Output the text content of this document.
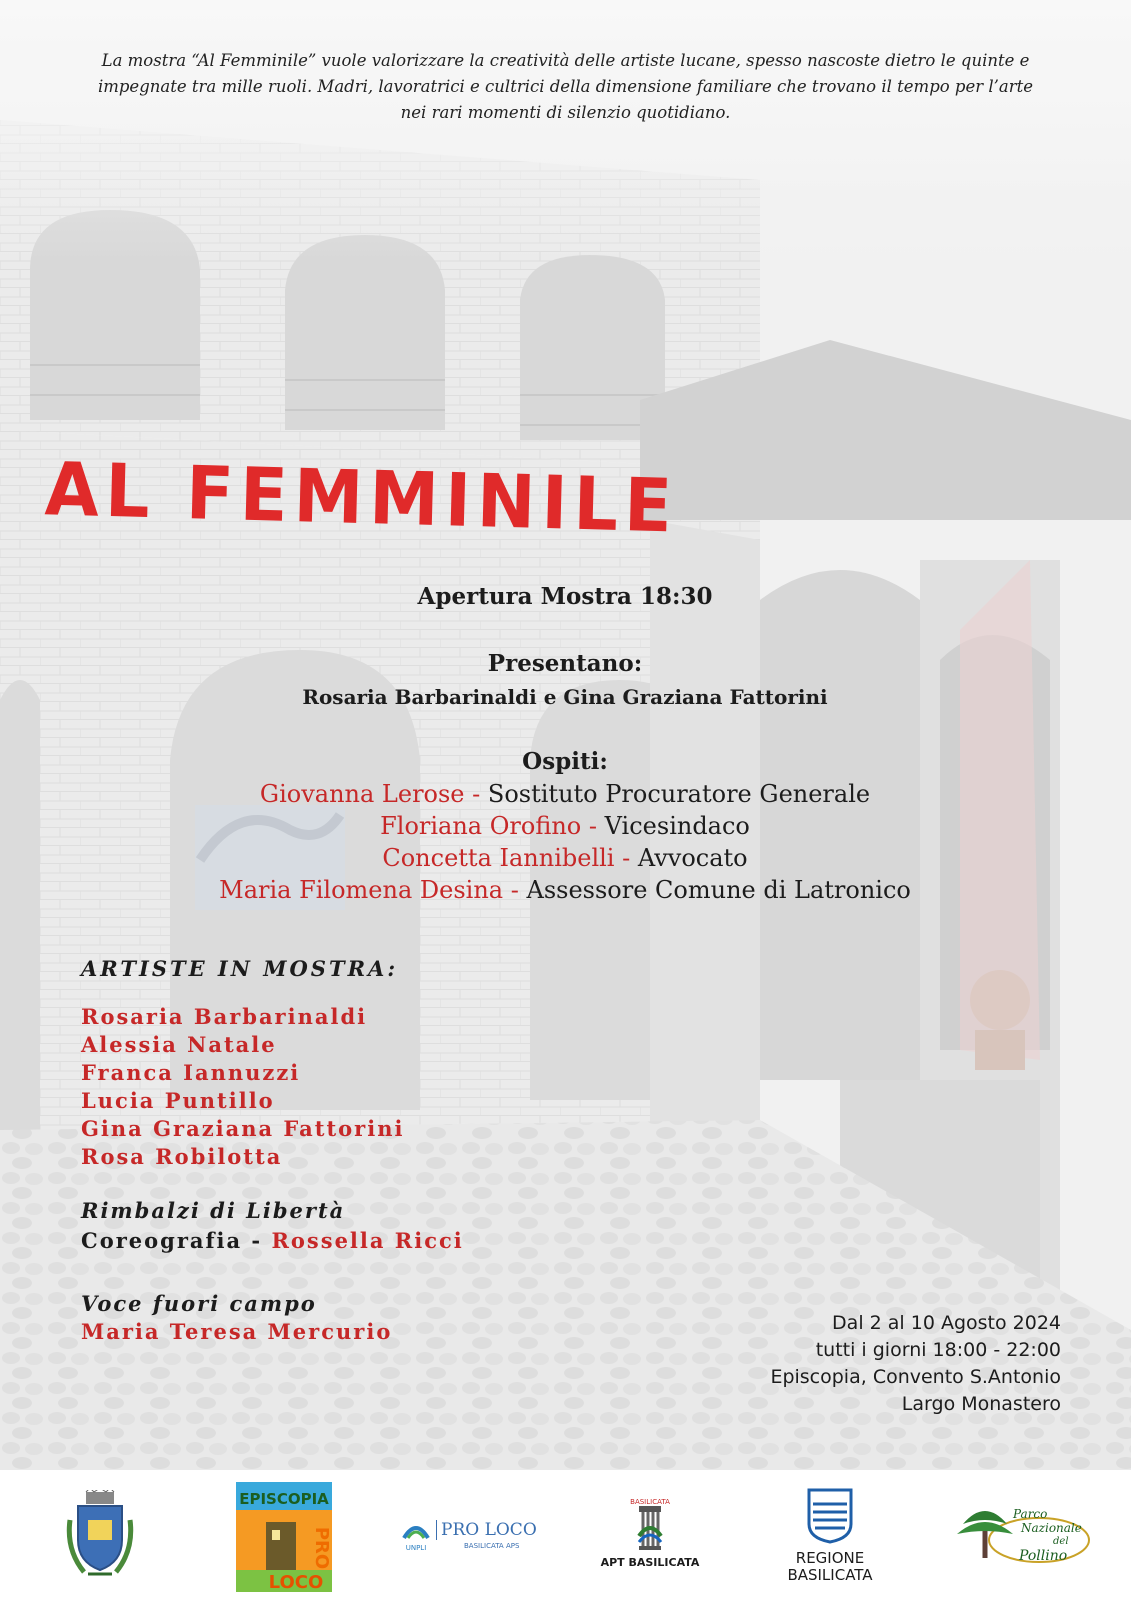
La mostra “Al Femminile” vuole valorizzare la creatività delle artiste lucane, spesso nascoste dietro le quinte e impegnate tra mille ruoli. Madri, lavoratrici e cultrici della dimensione familiare che trovano il tempo per l’arte nei rari momenti di silenzio quotidiano.
AL FEMMINILE
Apertura Mostra 18:30
Presentano:
Rosaria Barbarinaldi e Gina Graziana Fattorini
Ospiti:
Giovanna Lerose - Sostituto Procuratore Generale
Floriana Orofino - Vicesindaco
Concetta Iannibelli - Avvocato
Maria Filomena Desina - Assessore Comune di Latronico
ARTISTE IN MOSTRA:
Rosaria Barbarinaldi
Alessia Natale
Franca Iannuzzi
Lucia Puntillo
Gina Graziana Fattorini
Rosa Robilotta
Rimbalzi di Libertà
Coreografia - Rossella Ricci
Voce fuori campo
Maria Teresa Mercurio	Dal 2 al 10 Agosto 2024
tutti i giorni 18:00 - 22:00
Episcopia, Convento S.Antonio
Largo Monastero
EPISCOPIA
PRO
LOCO
UNPLI
PRO LOCO
BASILICATA APS
BASILICATA
APT BASILICATA	REGIONE
BASILICATA
Parco
Nazionale
del
Pollino
